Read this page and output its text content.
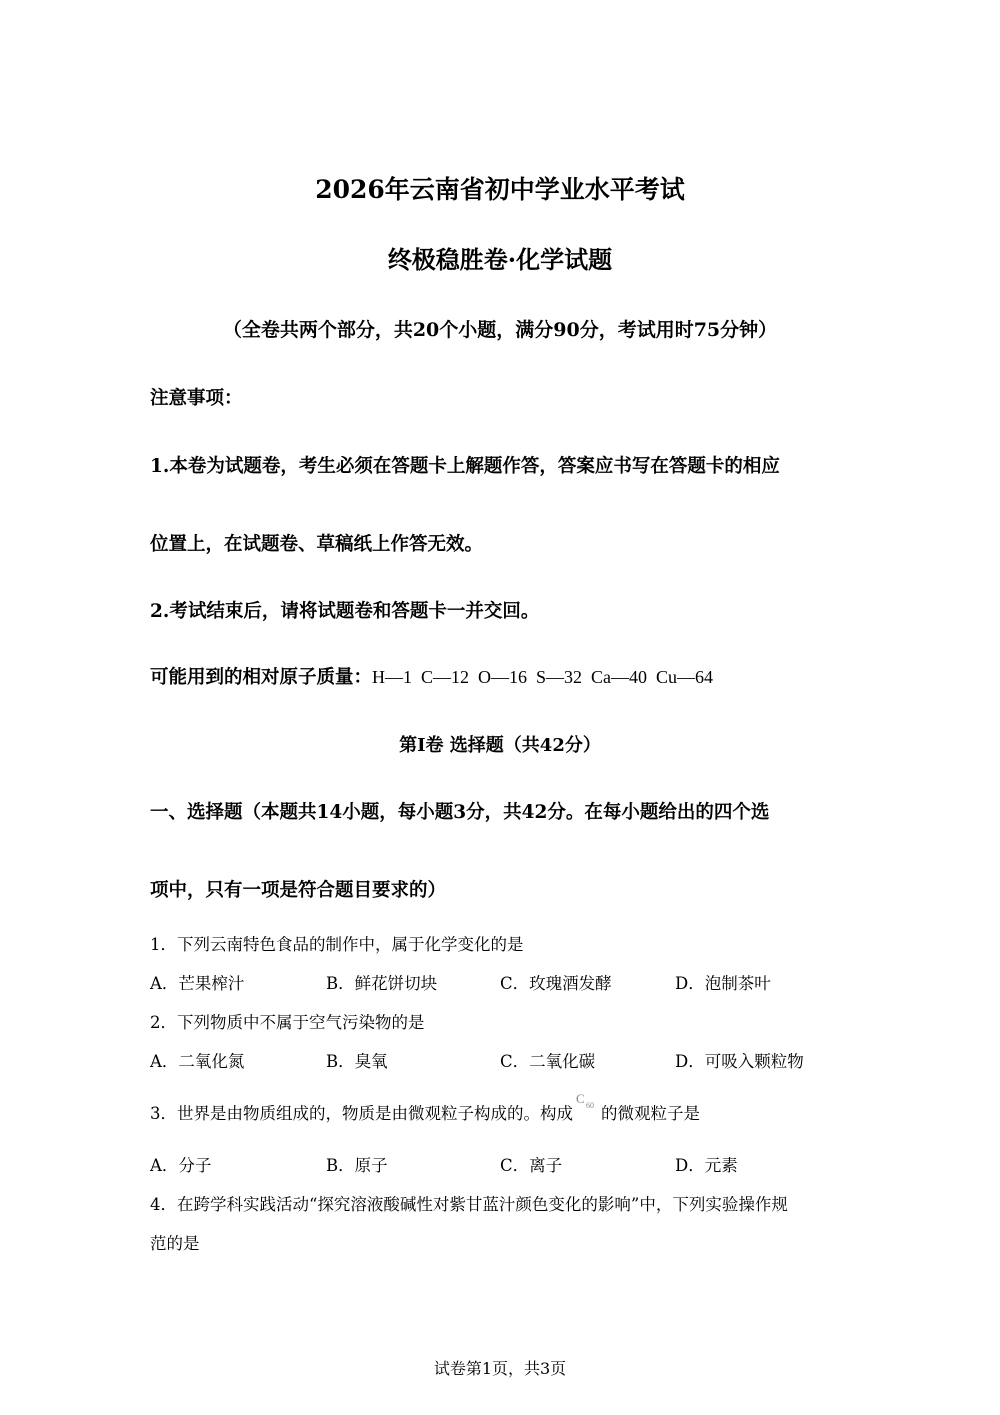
2026年云南省初中学业水平考试
终极稳胜卷·化学试题
（全卷共两个部分，共20个小题，满分90分，考试用时75分钟）
注意事项：
1.本卷为试题卷，考生必须在答题卡上解题作答，答案应书写在答题卡的相应
位置上，在试题卷、草稿纸上作答无效。
2.考试结束后，请将试题卷和答题卡一并交回。
可能用到的相对原子质量：H—1  C—12  O—16  S—32  Ca—40  Cu—64
第Ⅰ卷 选择题（共42分）
一、选择题（本题共14小题，每小题3分，共42分。在每小题给出的四个选
项中，只有一项是符合题目要求的）
1．下列云南特色食品的制作中，属于化学变化的是
A．芒果榨汁	B．鲜花饼切块	C．玫瑰酒发酵	D．泡制茶叶
2．下列物质中不属于空气污染物的是
A．二氧化氮	B．臭氧	C．二氧化碳	D．可吸入颗粒物
3．世界是由物质组成的，物质是由微观粒子构成的。构成
C 60 的微观粒子是
A．分子	B．原子	C．离子	D．元素
4．在跨学科实践活动“探究溶液酸碱性对紫甘蓝汁颜色变化的影响”中，下列实验操作规
范的是
试卷第1页，共3页
